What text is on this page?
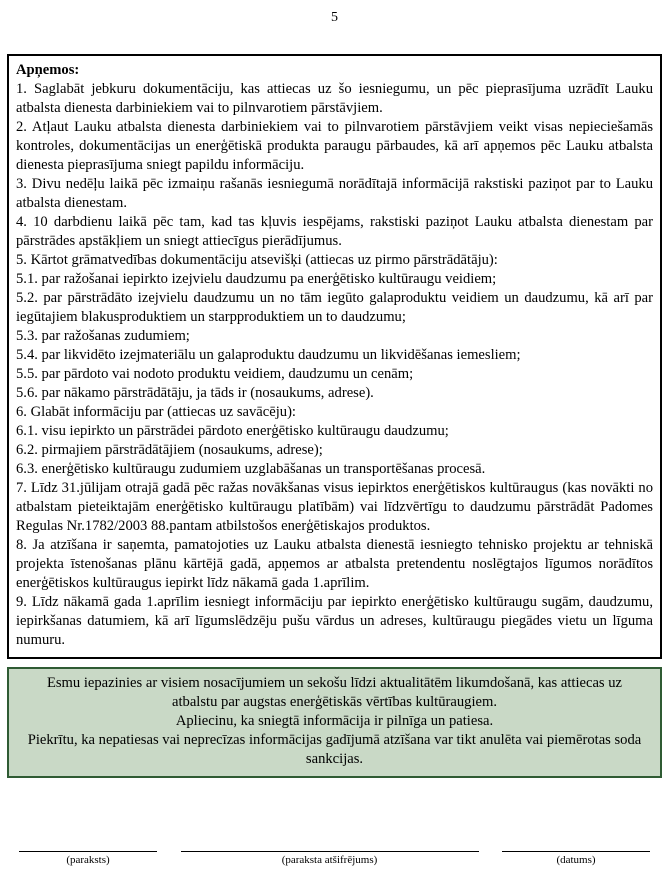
5

Apņemos:

1. Saglabāt jebkuru dokumentāciju, kas attiecas uz šo iesniegumu, un pēc pieprasījuma uzrādīt Lauku atbalsta dienesta darbiniekiem vai to pilnvarotiem pārstāvjiem.

2. Atļaut Lauku atbalsta dienesta darbiniekiem vai to pilnvarotiem pārstāvjiem veikt visas nepieciešamās kontroles, dokumentācijas un enerģētiskā produkta paraugu pārbaudes, kā arī apņemos pēc Lauku atbalsta dienesta pieprasījuma sniegt papildu informāciju.

3. Divu nedēļu laikā pēc izmaiņu rašanās iesniegumā norādītajā informācijā rakstiski paziņot par to Lauku atbalsta dienestam.

4. 10 darbdienu laikā pēc tam, kad tas kļuvis iespējams, rakstiski paziņot Lauku atbalsta dienestam par pārstrādes apstākļiem un sniegt attiecīgus pierādījumus.

5. Kārtot grāmatvedības dokumentāciju atsevišķi (attiecas uz pirmo pārstrādātāju):

5.1. par ražošanai iepirkto izejvielu daudzumu pa enerģētisko kultūraugu veidiem;

5.2. par pārstrādāto izejvielu daudzumu un no tām iegūto galaproduktu veidiem un daudzumu, kā arī par iegūtajiem blakusproduktiem un starpproduktiem un to daudzumu;

5.3. par ražošanas zudumiem;

5.4. par likvidēto izejmateriālu un galaproduktu daudzumu un likvidēšanas iemesliem;

5.5. par pārdoto vai nodoto produktu veidiem, daudzumu un cenām;

5.6. par nākamo pārstrādātāju, ja tāds ir (nosaukums, adrese).

6. Glabāt informāciju par (attiecas uz savācēju):

6.1. visu iepirkto un pārstrādei pārdoto enerģētisko kultūraugu daudzumu;

6.2. pirmajiem pārstrādātājiem (nosaukums, adrese);

6.3. enerģētisko kultūraugu zudumiem uzglabāšanas un transportēšanas procesā.

7. Līdz 31.jūlijam otrajā gadā pēc ražas novākšanas visus iepirktos enerģētiskos kultūraugus (kas novākti no atbalstam pieteiktajām enerģētisko kultūraugu platībām) vai līdzvērtīgu to daudzumu pārstrādāt Padomes Regulas Nr.1782/2003 88.pantam atbilstošos enerģētiskajos produktos.

8. Ja atzīšana ir saņemta, pamatojoties uz Lauku atbalsta dienestā iesniegto tehnisko projektu ar tehniskā projekta īstenošanas plānu kārtējā gadā, apņemos ar atbalsta pretendentu noslēgtajos līgumos norādītos enerģētiskos kultūraugus iepirkt līdz nākamā gada 1.aprīlim.

9. Līdz nākamā gada 1.aprīlim iesniegt informāciju par iepirkto enerģētisko kultūraugu sugām, daudzumu, iepirkšanas datumiem, kā arī līgumslēdzēju pušu vārdus un adreses, kultūraugu piegādes vietu un līguma numuru.

Esmu iepazinies ar visiem nosacījumiem un sekošu līdzi aktualitātēm likumdošanā, kas attiecas uz atbalstu par augstas enerģētiskās vērtības kultūraugiem.

Apliecinu, ka sniegtā informācija ir pilnīga un patiesa.

Piekrītu, ka nepatiesas vai neprecīzas informācijas gadījumā atzīšana var tikt anulēta vai piemērotas soda sankcijas.

(paraksts)	(paraksta atšifrējums)	(datums)
